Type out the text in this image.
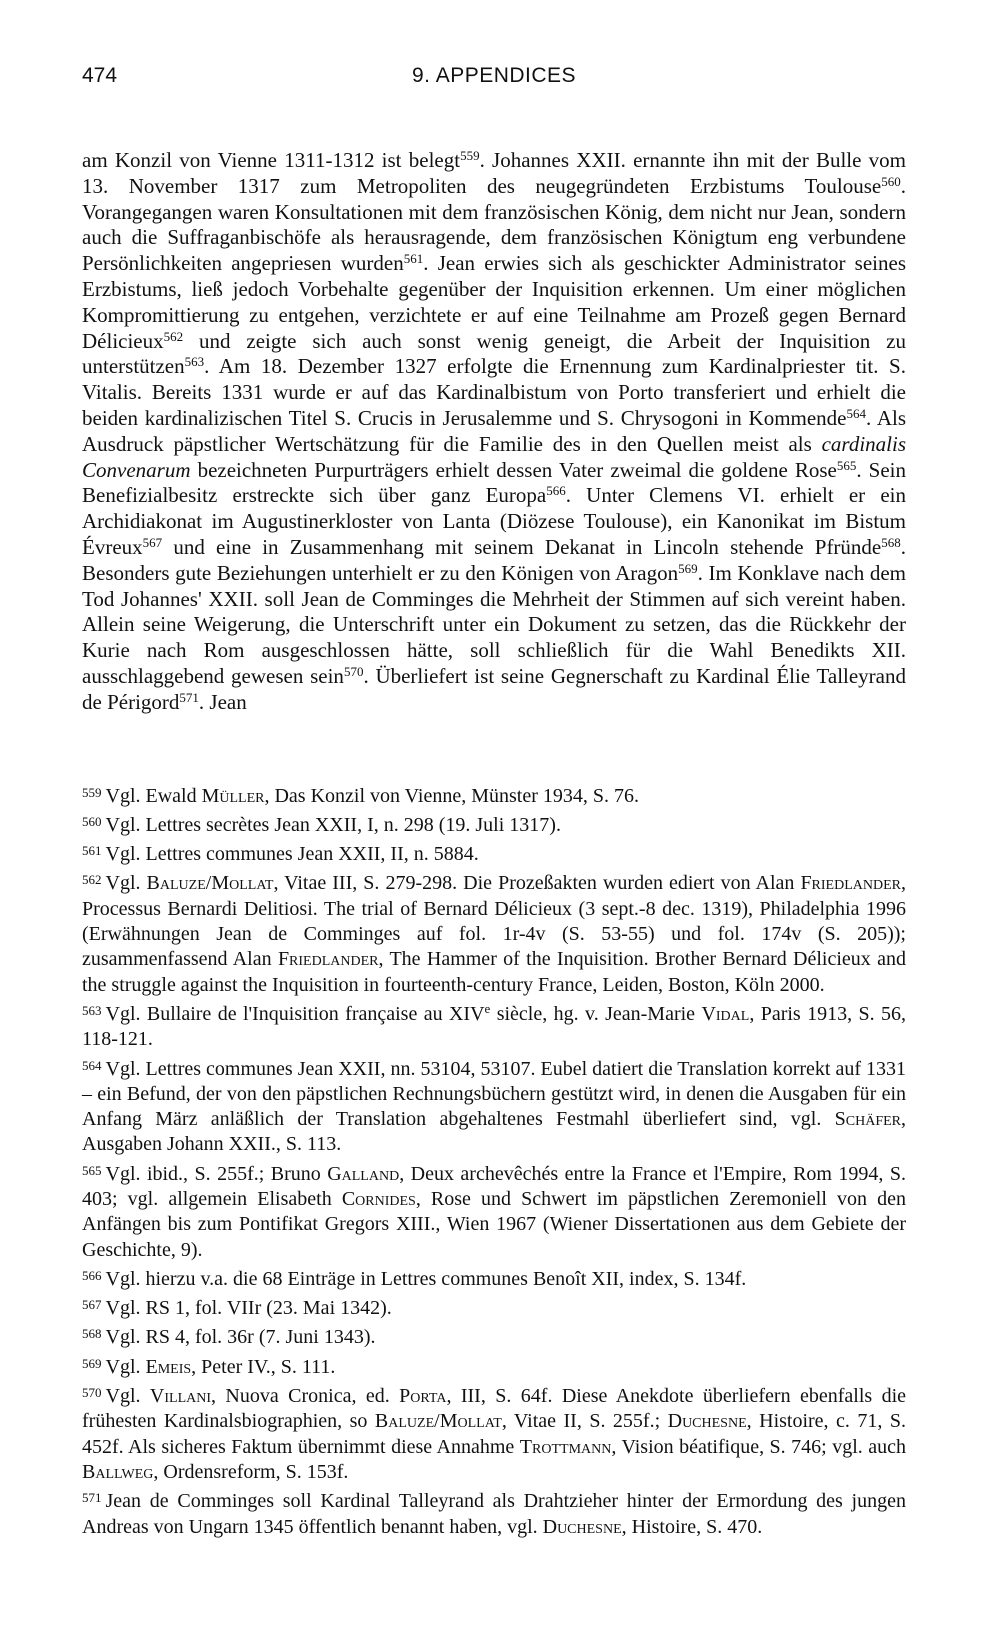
474	9. APPENDICES

am Konzil von Vienne 1311-1312 ist belegt$^{559}$. Johannes XXII. ernannte ihn mit der Bulle vom 13. November 1317 zum Metropoliten des neugegründeten Erzbistums Toulouse$^{560}$. Vorangegangen waren Konsultationen mit dem französischen König, dem nicht nur Jean, sondern auch die Suffraganbischöfe als herausragende, dem französischen Königtum eng verbundene Persönlichkeiten angepriesen wurden$^{561}$. Jean erwies sich als geschickter Administrator seines Erzbistums, ließ jedoch Vorbehalte gegenüber der Inquisition erkennen. Um einer möglichen Kompromittierung zu entgehen, verzichtete er auf eine Teilnahme am Prozeß gegen Bernard Délicieux$^{562}$ und zeigte sich auch sonst wenig geneigt, die Arbeit der Inquisition zu unterstützen$^{563}$. Am 18. Dezember 1327 erfolgte die Ernennung zum Kardinalpriester tit. S. Vitalis. Bereits 1331 wurde er auf das Kardinalbistum von Porto transferiert und erhielt die beiden kardinalizischen Titel S. Crucis in Jerusalemme und S. Chrysogoni in Kommende$^{564}$. Als Ausdruck päpstlicher Wertschätzung für die Familie des in den Quellen meist als cardinalis Convenarum bezeichneten Purpurträgers erhielt dessen Vater zweimal die goldene Rose$^{565}$. Sein Benefizialbesitz erstreckte sich über ganz Europa$^{566}$. Unter Clemens VI. erhielt er ein Archidiakonat im Augustinerkloster von Lanta (Diözese Toulouse), ein Kanonikat im Bistum Évreux$^{567}$ und eine in Zusammenhang mit seinem Dekanat in Lincoln stehende Pfründe$^{568}$. Besonders gute Beziehungen unterhielt er zu den Königen von Aragon$^{569}$. Im Konklave nach dem Tod Johannes' XXII. soll Jean de Comminges die Mehrheit der Stimmen auf sich vereint haben. Allein seine Weigerung, die Unterschrift unter ein Dokument zu setzen, das die Rückkehr der Kurie nach Rom ausgeschlossen hätte, soll schließlich für die Wahl Benedikts XII. ausschlaggebend gewesen sein$^{570}$. Überliefert ist seine Gegnerschaft zu Kardinal Élie Talleyrand de Périgord$^{571}$. Jean

$^{559}$ Vgl. Ewald Müller, Das Konzil von Vienne, Münster 1934, S. 76.

$^{560}$ Vgl. Lettres secrètes Jean XXII, I, n. 298 (19. Juli 1317).

$^{561}$ Vgl. Lettres communes Jean XXII, II, n. 5884.

$^{562}$ Vgl. Baluze/Mollat, Vitae III, S. 279-298. Die Prozeßakten wurden ediert von Alan Friedlander, Processus Bernardi Delitiosi. The trial of Bernard Délicieux (3 sept.-8 dec. 1319), Philadelphia 1996 (Erwähnungen Jean de Comminges auf fol. 1r-4v (S. 53-55) und fol. 174v (S. 205)); zusammenfassend Alan Friedlander, The Hammer of the Inquisition. Brother Bernard Délicieux and the struggle against the Inquisition in fourteenth-century France, Leiden, Boston, Köln 2000.

$^{563}$ Vgl. Bullaire de l'Inquisition française au XIVe siècle, hg. v. Jean-Marie Vidal, Paris 1913, S. 56, 118-121.

$^{564}$ Vgl. Lettres communes Jean XXII, nn. 53104, 53107. Eubel datiert die Translation korrekt auf 1331 – ein Befund, der von den päpstlichen Rechnungsbüchern gestützt wird, in denen die Ausgaben für ein Anfang März anläßlich der Translation abgehaltenes Festmahl überliefert sind, vgl. Schäfer, Ausgaben Johann XXII., S. 113.

$^{565}$ Vgl. ibid., S. 255f.; Bruno Galland, Deux archevêchés entre la France et l'Empire, Rom 1994, S. 403; vgl. allgemein Elisabeth Cornides, Rose und Schwert im päpstlichen Zeremoniell von den Anfängen bis zum Pontifikat Gregors XIII., Wien 1967 (Wiener Dissertationen aus dem Gebiete der Geschichte, 9).

$^{566}$ Vgl. hierzu v.a. die 68 Einträge in Lettres communes Benoît XII, index, S. 134f.

$^{567}$ Vgl. RS 1, fol. VIIr (23. Mai 1342).

$^{568}$ Vgl. RS 4, fol. 36r (7. Juni 1343).

$^{569}$ Vgl. Emeis, Peter IV., S. 111.

$^{570}$ Vgl. Villani, Nuova Cronica, ed. Porta, III, S. 64f. Diese Anekdote überliefern ebenfalls die frühesten Kardinalsbiographien, so Baluze/Mollat, Vitae II, S. 255f.; Duchesne, Histoire, c. 71, S. 452f. Als sicheres Faktum übernimmt diese Annahme Trottmann, Vision béatifique, S. 746; vgl. auch Ballweg, Ordensreform, S. 153f.

$^{571}$ Jean de Comminges soll Kardinal Talleyrand als Drahtzieher hinter der Ermordung des jungen Andreas von Ungarn 1345 öffentlich benannt haben, vgl. Duchesne, Histoire, S. 470.
